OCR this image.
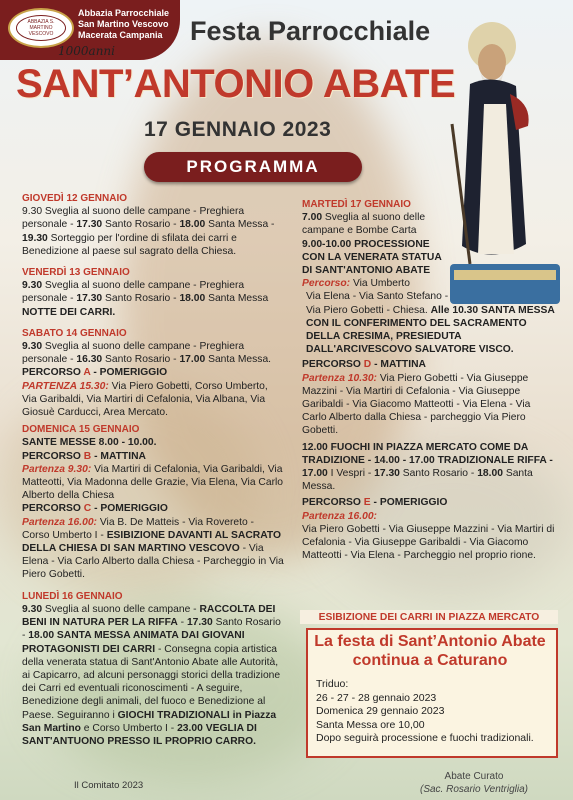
ABBAZIA S. MARTINO VESCOVO
Abbazia Parrocchiale
San Martino Vescovo
Macerata Campania
1000anni
Festa Parrocchiale
SANT’ANTONIO ABATE
17 GENNAIO 2023
PROGRAMMA

GIOVEDÌ 12 GENNAIO

9.30 Sveglia al suono delle campane - Preghiera personale - 17.30 Santo Rosario - 18.00 Santa Messa - 19.30 Sorteggio per l'ordine di sfilata dei carri e Benedizione al paese sul sagrato della Chiesa.

VENERDÌ 13 GENNAIO

9.30 Sveglia al suono delle campane - Preghiera personale - 17.30 Santo Rosario - 18.00 Santa Messa NOTTE DEI CARRI.

SABATO 14 GENNAIO

9.30 Sveglia al suono delle campane - Preghiera personale - 16.30 Santo Rosario - 17.00 Santa Messa.

PERCORSO A - POMERIGGIO

PARTENZA 15.30: Via Piero Gobetti, Corso Umberto, Via Garibaldi, Via Martiri di Cefalonia, Via Albana, Via Giosuè Carducci, Area Mercato.

DOMENICA 15 GENNAIO

SANTE MESSE 8.00 - 10.00.

PERCORSO B - MATTINA

Partenza 9.30: Via Martiri di Cefalonia, Via Garibaldi, Via Matteotti, Via Madonna delle Grazie, Via Elena, Via Carlo Alberto della Chiesa

PERCORSO C - POMERIGGIO

Partenza 16.00: Via B. De Matteis - Via Rovereto - Corso Umberto I - ESIBIZIONE DAVANTI AL SACRATO DELLA CHIESA DI SAN MARTINO VESCOVO - Via Elena - Via Carlo Alberto dalla Chiesa - Parcheggio in Via Piero Gobetti.

LUNEDÌ 16 GENNAIO

9.30 Sveglia al suono delle campane - RACCOLTA DEI BENI IN NATURA PER LA RIFFA - 17.30 Santo Rosario - 18.00 SANTA MESSA ANIMATA DAI GIOVANI PROTAGONISTI DEI CARRI - Consegna copia artistica della venerata statua di Sant'Antonio Abate alle Autorità, ai Capicarro, ad alcuni personaggi storici della tradizione dei Carri ed eventuali riconoscimenti - A seguire, Benedizione degli animali, del fuoco e Benedizione al Paese. Seguiranno i GIOCHI TRADIZIONALI in Piazza San Martino e Corso Umberto I - 23.00 VEGLIA DI SANT'ANTUONO PRESSO IL PROPRIO CARRO.

MARTEDÌ 17 GENNAIO

7.00 Sveglia al suono delle campane e Bombe Carta

9.00-10.00 PROCESSIONE CON LA VENERATA STATUA DI SANT'ANTONIO ABATE

Percorso: Via Umberto

Via Elena - Via Santo Stefano -

Via Piero Gobetti - Chiesa. Alle 10.30 SANTA MESSA CON IL CONFERIMENTO DEL SACRAMENTO DELLA CRESIMA, PRESIEDUTA DALL'ARCIVESCOVO SALVATORE VISCO.

PERCORSO D - MATTINA

Partenza 10.30: Via Piero Gobetti - Via Giuseppe Mazzini - Via Martiri di Cefalonia - Via Giuseppe Garibaldi - Via Giacomo Matteotti - Via Elena - Via Carlo Alberto dalla Chiesa - parcheggio Via Piero Gobetti.

12.00 FUOCHI IN PIAZZA MERCATO COME DA TRADIZIONE - 14.00 - 17.00 TRADIZIONALE RIFFA - 17.00 I Vespri - 17.30 Santo Rosario - 18.00 Santa Messa.

PERCORSO E - POMERIGGIO

Partenza 16.00:

Via Piero Gobetti - Via Giuseppe Mazzini - Via Martiri di Cefalonia - Via Giuseppe Garibaldi - Via Giacomo Matteotti - Via Elena - Parcheggio nel proprio rione.

ESIBIZIONE DEI CARRI IN PIAZZA MERCATO
La festa di Sant’Antonio Abate
continua a Caturano
Triduo:
26 - 27 - 28 gennaio 2023
Domenica 29 gennaio 2023
Santa Messa ore 10,00
Dopo seguirà processione e fuochi tradizionali.
Abate Curato
(Sac. Rosario Ventriglia)
Il Comitato 2023
